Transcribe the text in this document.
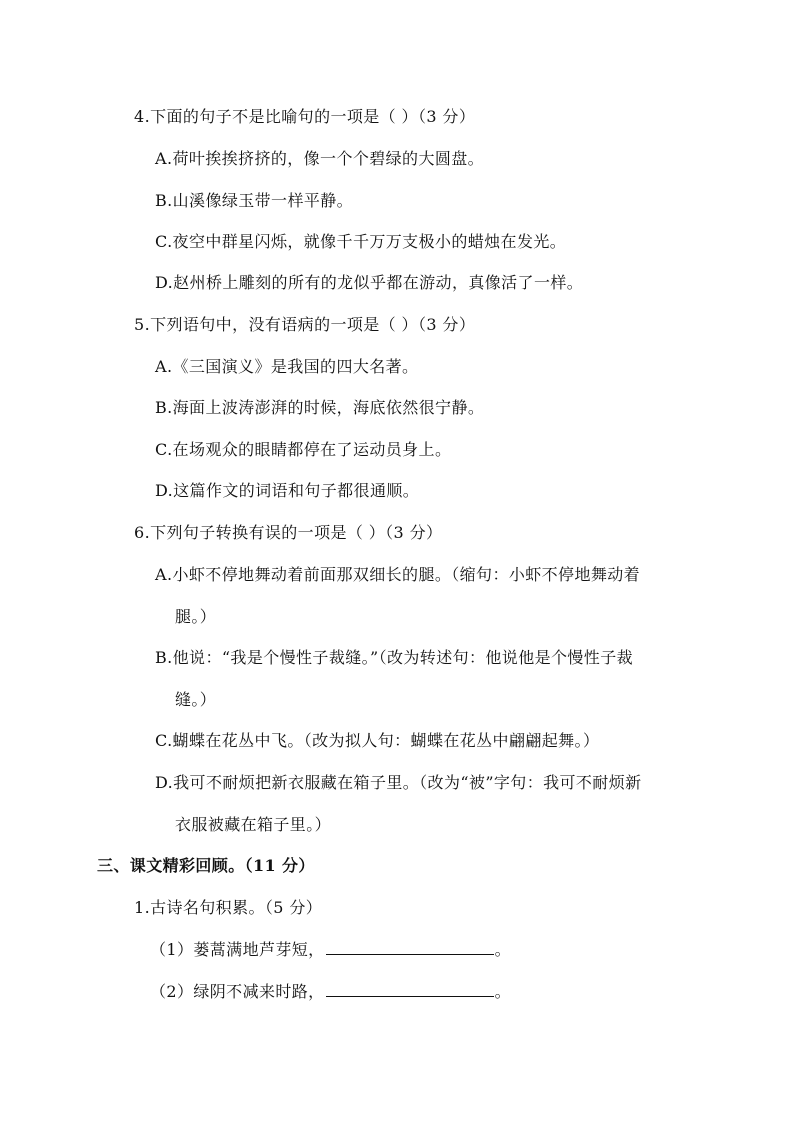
4.下面的句子不是比喻句的一项是（ ）（3 分）
A.荷叶挨挨挤挤的，像一个个碧绿的大圆盘。
B.山溪像绿玉带一样平静。
C.夜空中群星闪烁，就像千千万万支极小的蜡烛在发光。
D.赵州桥上雕刻的所有的龙似乎都在游动，真像活了一样。
5.下列语句中，没有语病的一项是（ ）（3 分）
A.《三国演义》是我国的四大名著。
B.海面上波涛澎湃的时候，海底依然很宁静。
C.在场观众的眼睛都停在了运动员身上。
D.这篇作文的词语和句子都很通顺。
6.下列句子转换有误的一项是（ ）（3 分）
A.小虾不停地舞动着前面那双细长的腿。（缩句：小虾不停地舞动着
腿。）
B.他说：“我是个慢性子裁缝。”（改为转述句：他说他是个慢性子裁
缝。）
C.蝴蝶在花丛中飞。（改为拟人句：蝴蝶在花丛中翩翩起舞。）
D.我可不耐烦把新衣服藏在箱子里。（改为“被”字句：我可不耐烦新
衣服被藏在箱子里。）
三、课文精彩回顾。（11 分）
1.古诗名句积累。（5 分）
（1）蒌蒿满地芦芽短，	。
（2）绿阴不减来时路，	。
